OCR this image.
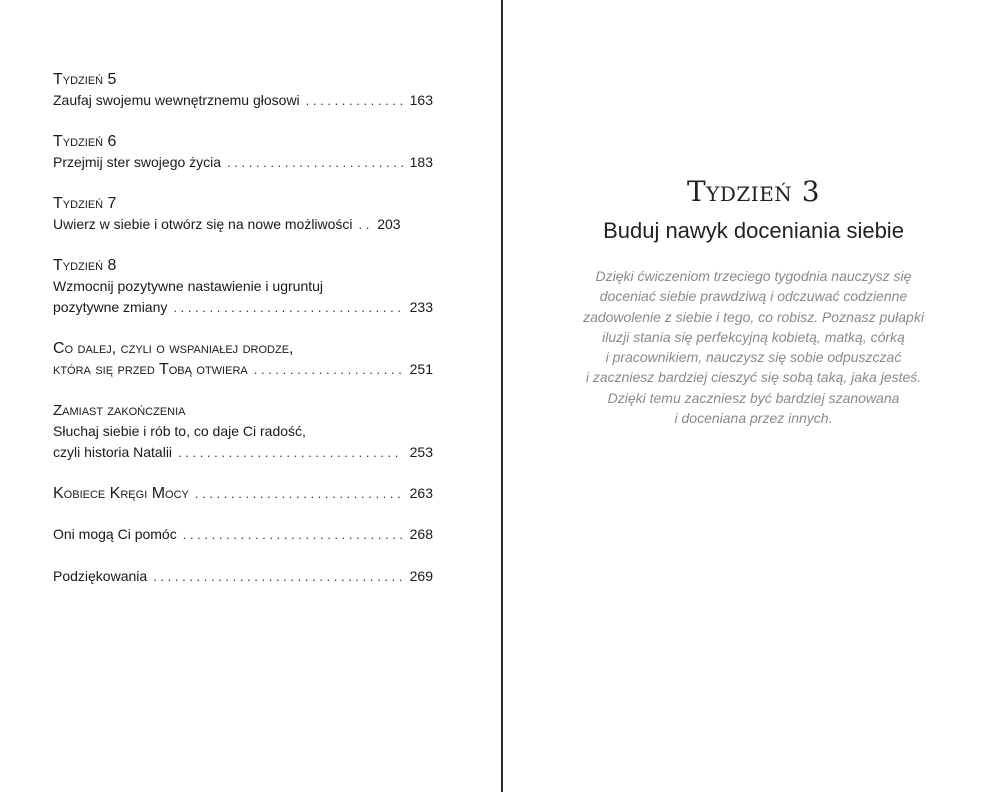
Tydzień 5
Zaufaj swojemu wewnętrznemu głosowi . . .	163
Tydzień 6
Przejmij ster swojego życia . . .	183
Tydzień 7
Uwierz w siebie i otwórz się na nowe możliwości . . . 203
Tydzień 8
Wzmocnij pozytywne nastawienie i ugruntuj
pozytywne zmiany . . .	233
Co dalej, czyli o wspaniałej drodze,
która się przed Tobą otwiera . . .	251
Zamiast zakończenia
Słuchaj siebie i rób to, co daje Ci radość,
czyli historia Natalii . . .	253
Kobiece Kręgi Mocy . . .	263
Oni mogą Ci pomóc . . .	268
Podziękowania . . .	269
Tydzień 3
Buduj nawyk doceniania siebie
Dzięki ćwiczeniom trzeciego tygodnia nauczysz się
doceniać siebie prawdziwą i odczuwać codzienne
zadowolenie z siebie i tego, co robisz. Poznasz pułapki
iluzji stania się perfekcyjną kobietą, matką, córką
i pracownikiem, nauczysz się sobie odpuszczać
i zaczniesz bardziej cieszyć się sobą taką, jaka jesteś.
Dzięki temu zaczniesz być bardziej szanowana
i doceniana przez innych.
